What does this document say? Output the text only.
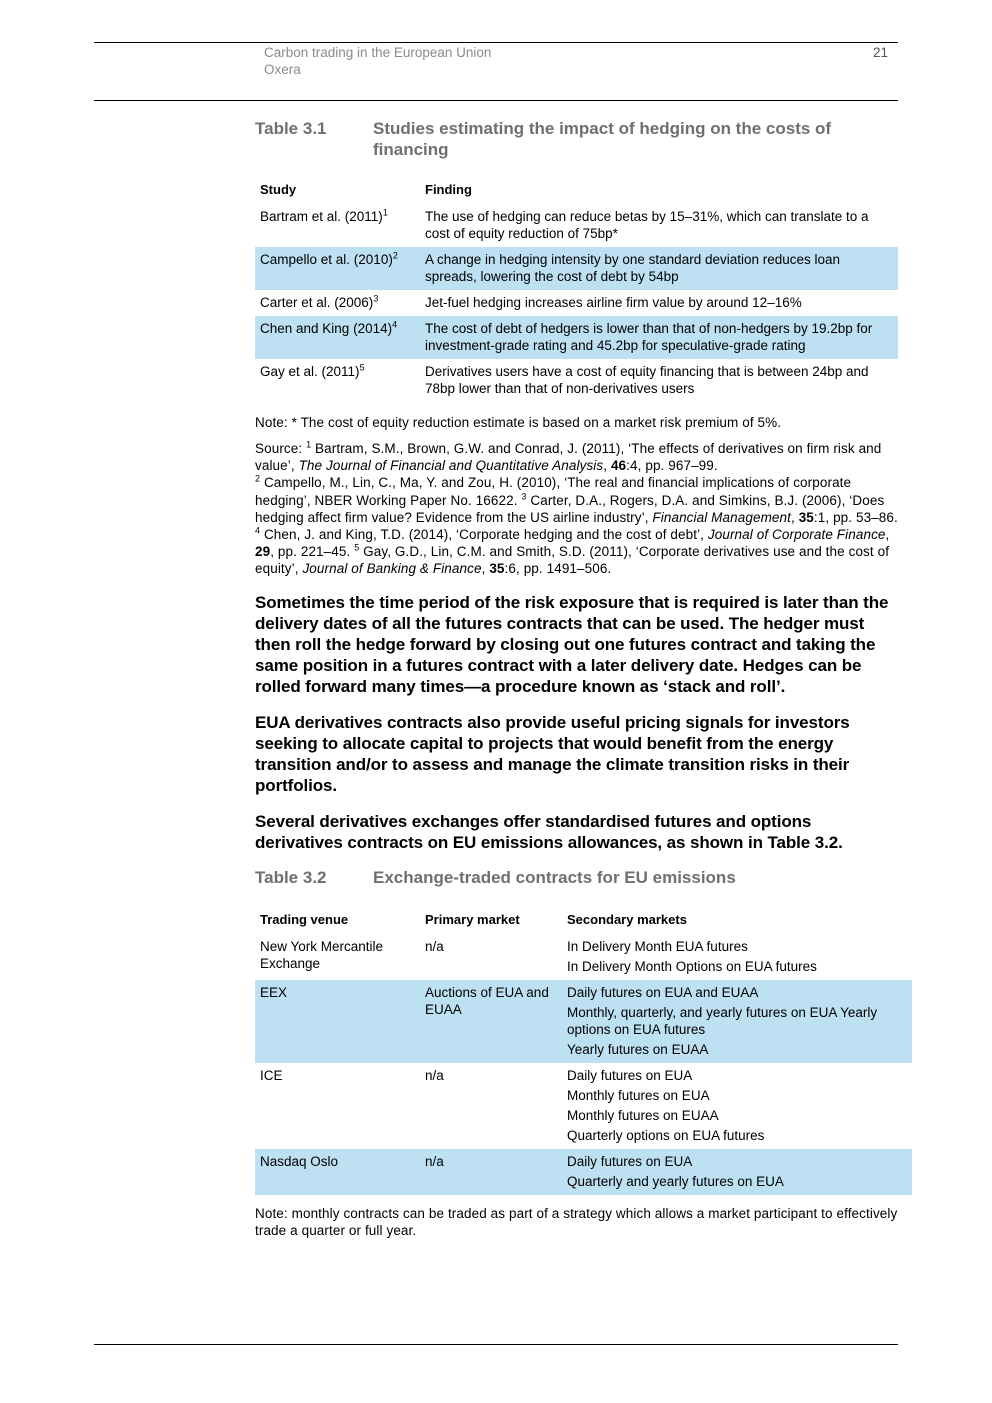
Carbon trading in the European Union
Oxera
21
Table 3.1	Studies estimating the impact of hedging on the costs of financing
Study	Finding
Bartram et al. $(2011)^1$	The use of hedging can reduce betas by 15–31%, which can translate to a cost of equity reduction of 75bp*
Campello et al. $(2010)^2$	A change in hedging intensity by one standard deviation reduces loan spreads, lowering the cost of debt by 54bp
Carter et al. $(2006)^3$	Jet-fuel hedging increases airline firm value by around 12–16%
Chen and King $(2014)^4$	The cost of debt of hedgers is lower than that of non-hedgers by 19.2bp for investment-grade rating and 45.2bp for speculative-grade rating
Gay et al. $(2011)^5$	Derivatives users have a cost of equity financing that is between 24bp and 78bp lower than that of non-derivatives users
Note: * The cost of equity reduction estimate is based on a market risk premium of 5%.
Source: $^1$ Bartram, S.M., Brown, G.W. and Conrad, J. (2011), ‘The effects of derivatives on firm risk and value’, The Journal of Financial and Quantitative Analysis, 46:4, pp. 967–99.
$^2$ Campello, M., Lin, C., Ma, Y. and Zou, H. (2010), ‘The real and financial implications of corporate hedging’, NBER Working Paper No. 16622. $^3$ Carter, D.A., Rogers, D.A. and Simkins, B.J. (2006), ‘Does hedging affect firm value? Evidence from the US airline industry’, Financial Management, 35:1, pp. 53–86. $^4$ Chen, J. and King, T.D. (2014), ‘Corporate hedging and the cost of debt’, Journal of Corporate Finance, 29, pp. 221–45. $^5$ Gay, G.D., Lin, C.M. and Smith, S.D. (2011), ‘Corporate derivatives use and the cost of equity’, Journal of Banking & Finance, 35:6, pp. 1491–506.

Sometimes the time period of the risk exposure that is required is later than the delivery dates of all the futures contracts that can be used. The hedger must then roll the hedge forward by closing out one futures contract and taking the same position in a futures contract with a later delivery date. Hedges can be rolled forward many times—a procedure known as ‘stack and roll’.

EUA derivatives contracts also provide useful pricing signals for investors seeking to allocate capital to projects that would benefit from the energy transition and/or to assess and manage the climate transition risks in their portfolios.

Several derivatives exchanges offer standardised futures and options derivatives contracts on EU emissions allowances, as shown in Table 3.2.

Table 3.2	Exchange-traded contracts for EU emissions
Trading venue	Primary market	Secondary markets
New York Mercantile Exchange	n/a	In Delivery Month EUA futures
In Delivery Month Options on EUA futures

EEX	Auctions of EUA and EUAA	Daily futures on EUA and EUAA
Monthly, quarterly, and yearly futures on EUA Yearly options on EUA futures
Yearly futures on EUAA

ICE	n/a	Daily futures on EUA
Monthly futures on EUA
Monthly futures on EUAA
Quarterly options on EUA futures

Nasdaq Oslo	n/a	Daily futures on EUA
Quarterly and yearly futures on EUA
Note: monthly contracts can be traded as part of a strategy which allows a market participant to effectively trade a quarter or full year.
